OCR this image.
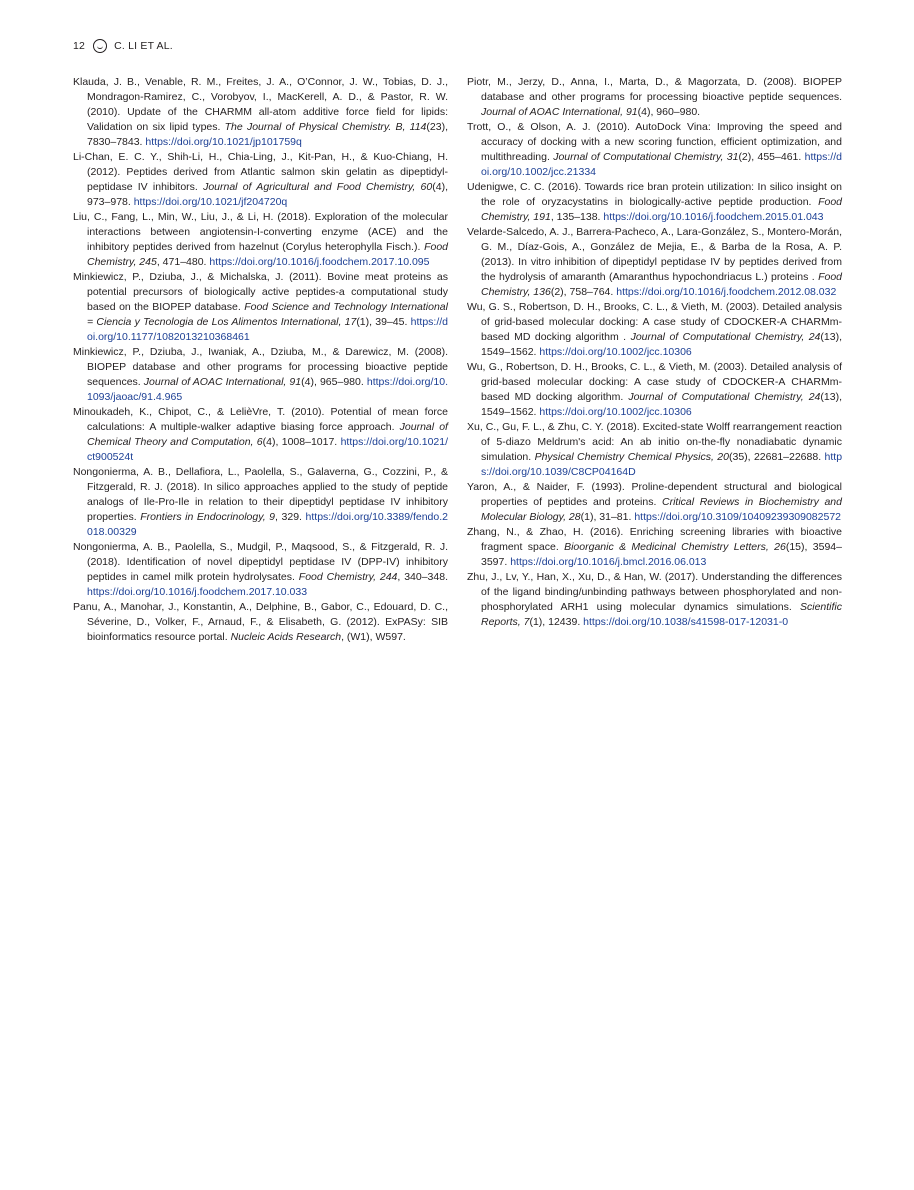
12	C. LI ET AL.

Klauda, J. B., Venable, R. M., Freites, J. A., O’Connor, J. W., Tobias, D. J., Mondragon-Ramirez, C., Vorobyov, I., MacKerell, A. D., & Pastor, R. W. (2010). Update of the CHARMM all-atom additive force field for lipids: Validation on six lipid types. The Journal of Physical Chemistry. B, 114(23), 7830–7843. https://doi.org/10.1021/jp101759q

Li-Chan, E. C. Y., Shih-Li, H., Chia-Ling, J., Kit-Pan, H., & Kuo-Chiang, H. (2012). Peptides derived from Atlantic salmon skin gelatin as dipeptidyl-peptidase IV inhibitors. Journal of Agricultural and Food Chemistry, 60(4), 973–978. https://doi.org/10.1021/jf204720q

Liu, C., Fang, L., Min, W., Liu, J., & Li, H. (2018). Exploration of the molecular interactions between angiotensin-I-converting enzyme (ACE) and the inhibitory peptides derived from hazelnut (Corylus heterophylla Fisch.). Food Chemistry, 245, 471–480. https://doi.org/10.1016/j.foodchem.2017.10.095

Minkiewicz, P., Dziuba, J., & Michalska, J. (2011). Bovine meat proteins as potential precursors of biologically active peptides-a computational study based on the BIOPEP database. Food Science and Technology International = Ciencia y Tecnologia de Los Alimentos International, 17(1), 39–45. https://doi.org/10.1177/1082013210368461

Minkiewicz, P., Dziuba, J., Iwaniak, A., Dziuba, M., & Darewicz, M. (2008). BIOPEP database and other programs for processing bioactive peptide sequences. Journal of AOAC International, 91(4), 965–980. https://doi.org/10.1093/jaoac/91.4.965

Minoukadeh, K., Chipot, C., & LelièVre, T. (2010). Potential of mean force calculations: A multiple-walker adaptive biasing force approach. Journal of Chemical Theory and Computation, 6(4), 1008–1017. https://doi.org/10.1021/ct900524t

Nongonierma, A. B., Dellafiora, L., Paolella, S., Galaverna, G., Cozzini, P., & Fitzgerald, R. J. (2018). In silico approaches applied to the study of peptide analogs of Ile-Pro-Ile in relation to their dipeptidyl peptidase IV inhibitory properties. Frontiers in Endocrinology, 9, 329. https://doi.org/10.3389/fendo.2018.00329

Nongonierma, A. B., Paolella, S., Mudgil, P., Maqsood, S., & Fitzgerald, R. J. (2018). Identification of novel dipeptidyl peptidase IV (DPP-IV) inhibitory peptides in camel milk protein hydrolysates. Food Chemistry, 244, 340–348. https://doi.org/10.1016/j.foodchem.2017.10.033

Panu, A., Manohar, J., Konstantin, A., Delphine, B., Gabor, C., Edouard, D. C., Séverine, D., Volker, F., Arnaud, F., & Elisabeth, G. (2012). ExPASy: SIB bioinformatics resource portal. Nucleic Acids Research, (W1), W597.

Piotr, M., Jerzy, D., Anna, I., Marta, D., & Magorzata, D. (2008). BIOPEP database and other programs for processing bioactive peptide sequences. Journal of AOAC International, 91(4), 960–980.

Trott, O., & Olson, A. J. (2010). AutoDock Vina: Improving the speed and accuracy of docking with a new scoring function, efficient optimization, and multithreading. Journal of Computational Chemistry, 31(2), 455–461. https://doi.org/10.1002/jcc.21334

Udenigwe, C. C. (2016). Towards rice bran protein utilization: In silico insight on the role of oryzacystatins in biologically-active peptide production. Food Chemistry, 191, 135–138. https://doi.org/10.1016/j.foodchem.2015.01.043

Velarde-Salcedo, A. J., Barrera-Pacheco, A., Lara-González, S., Montero-Morán, G. M., Díaz-Gois, A., González de Mejia, E., & Barba de la Rosa, A. P. (2013). In vitro inhibition of dipeptidyl peptidase IV by peptides derived from the hydrolysis of amaranth (Amaranthus hypochondriacus L.) proteins . Food Chemistry, 136(2), 758–764. https://doi.org/10.1016/j.foodchem.2012.08.032

Wu, G. S., Robertson, D. H., Brooks, C. L., & Vieth, M. (2003). Detailed analysis of grid-based molecular docking: A case study of CDOCKER-A CHARMm-based MD docking algorithm . Journal of Computational Chemistry, 24(13), 1549–1562. https://doi.org/10.1002/jcc.10306

Wu, G., Robertson, D. H., Brooks, C. L., & Vieth, M. (2003). Detailed analysis of grid-based molecular docking: A case study of CDOCKER-A CHARMm-based MD docking algorithm. Journal of Computational Chemistry, 24(13), 1549–1562. https://doi.org/10.1002/jcc.10306

Xu, C., Gu, F. L., & Zhu, C. Y. (2018). Excited-state Wolff rearrangement reaction of 5-diazo Meldrum's acid: An ab initio on-the-fly nonadiabatic dynamic simulation. Physical Chemistry Chemical Physics, 20(35), 22681–22688. https://doi.org/10.1039/C8CP04164D

Yaron, A., & Naider, F. (1993). Proline-dependent structural and biological properties of peptides and proteins. Critical Reviews in Biochemistry and Molecular Biology, 28(1), 31–81. https://doi.org/10.3109/10409239309082572

Zhang, N., & Zhao, H. (2016). Enriching screening libraries with bioactive fragment space. Bioorganic & Medicinal Chemistry Letters, 26(15), 3594–3597. https://doi.org/10.1016/j.bmcl.2016.06.013

Zhu, J., Lv, Y., Han, X., Xu, D., & Han, W. (2017). Understanding the differences of the ligand binding/unbinding pathways between phosphorylated and non-phosphorylated ARH1 using molecular dynamics simulations. Scientific Reports, 7(1), 12439. https://doi.org/10.1038/s41598-017-12031-0
